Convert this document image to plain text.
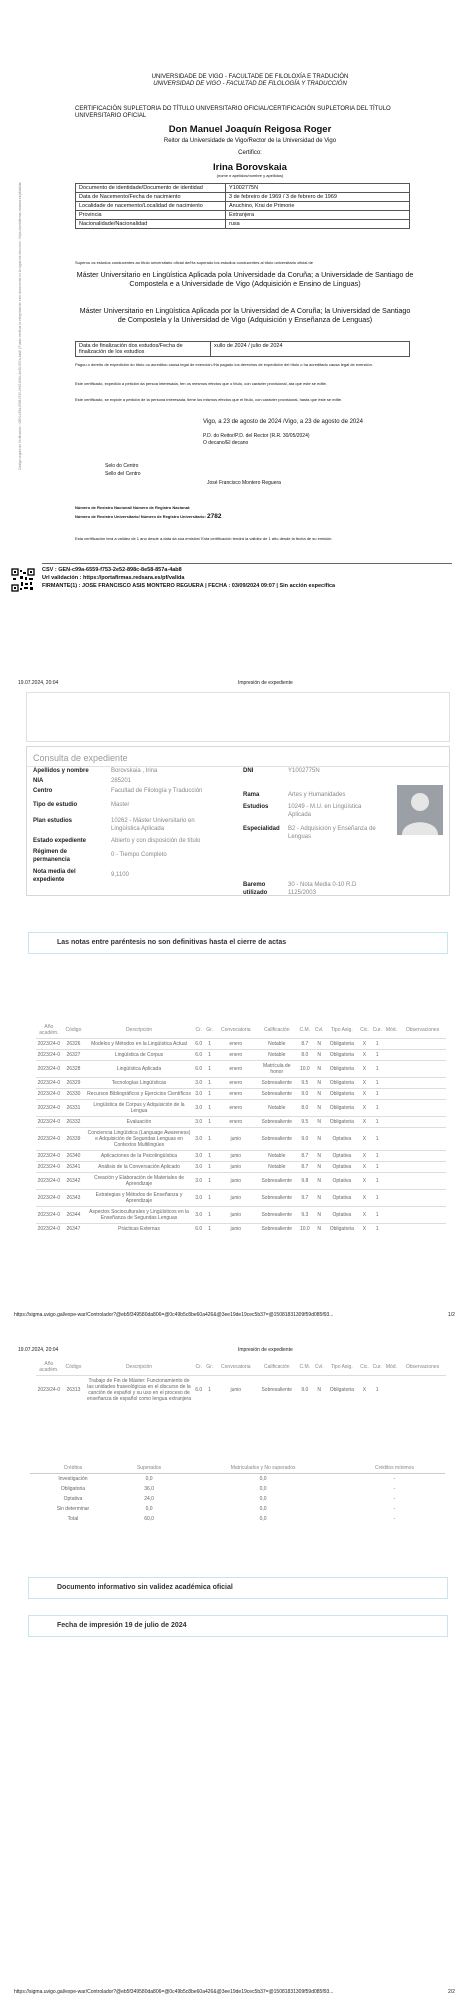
Código seguro de Verificación : GEN-c99a-6559-f753-2e52-898c-8e58-857a-4ab8 | Puede verificar la integridad de este documento en la siguiente dirección : https://portafirmas.redsara.es/pf/valida
UNIVERSIDADE DE VIGO - FACULTADE DE FILOLOXÍA E TRADUCIÓN
UNIVERSIDAD DE VIGO - FACULTAD DE FILOLOGÍA Y TRADUCCIÓN
CERTIFICACIÓN SUPLETORIA DO TÍTULO UNIVERSITARIO OFICIAL/CERTIFICACIÓN SUPLETORIA DEL TÍTULO UNIVERSITARIO OFICIAL
Don Manuel Joaquín Reigosa Roger
Reitor da Universidade de Vigo/Rector de la Universidad de Vigo
Certifico:
Irina Borovskaia
(nome e apelidos/nombre y apellidos)
Documento de identidade/Documento de identidad	Y1002775N
Data de Nacemento/Fecha de nacimiento	3 de febreiro de 1969 / 3 de febrero de 1969
Localidade de nacemento/Localidad de nacimiento	Anuchino, Krai de Primorie
Provincia	Extranjera
Nacionalidade/Nacionalidad	rusa
Superou os estudos conducentes ao título universitario oficial de/Ha superado los estudios conducentes al título universitario oficial de
Máster Universitario en Lingüística Aplicada pola Universidade da Coruña; a Universidade de Santiago de Compostela e a Universidade de Vigo (Adquisición e Ensino de Linguas)
Máster Universitario en Lingüística Aplicada por la Universidad de A Coruña; la Universidad de Santiago de Compostela y la Universidad de Vigo (Adquisición y Enseñanza de Lenguas)
Data de finalización dos estudos/Fecha de finalización de los estudios	xullo de 2024 / julio de 2024
Pagou o dereito de expedición do título ou acreditou causa legal de exención./Ha pagado los derechos de expedición del título o ha acreditado causa legal de exención.
Este certificado, expedido a petición da persoa interesada, ten os mesmos efectos que o título, con carácter provisional, ata que este se edite.
Este certificado, se expide a petición de la persona interesada, tiene los mismos efectos que el título, con carácter provisional, hasta que éste se edite.
Vigo, a 23 de agosto de 2024 /Vigo, a 23 de agosto de 2024
P.D. do Reitor/P.D. del Rector (R.R. 30/05/2024)
O decano/El decano
Selo do Centro
Sello del Centro
José Francisco Montero Reguera
Número de Rexistro Nacional/ Número de Registro Nacional:
Número de Rexistro Universitario/ Número de Registro Universitario: 2782
Esta certificación terá a validez de 1 ano desde a data da súa emisión/ Esta certificación tendrá la validez de 1 año desde la fecha de su emisión.
CSV : GEN-c99a-6559-f753-2e52-898c-8e58-857a-4ab8
Url validación : https://portafirmas.redsara.es/pf/valida
FIRMANTE(1) : JOSE FRANCISCO ASIS MONTERO REGUERA | FECHA : 03/09/2024 09:07 | Sin acción específica
19.07.2024, 20:04	Impresión de expediente
Consulta de expediente
Apellidos y nombre	Borovskaia , Irina
NIA	285201
Centro	Facultad de Filología y Traducción
Tipo de estudio	Master
Plan estudios	10262 - Máster Universitario en Lingüística Aplicada
Estado expediente	Abierto y con disposición de título
Régimen de permanencia
0 - Tiempo Completo
Nota media del expediente
9,1100
DNI	Y1002775N
Rama	Artes y Humanidades
Estudios	10249 - M.U. en Lingüística Aplicada
Especialidad	B2 - Adquisición y Enseñanza de Lenguas
Baremo utilizado
30 - Nota Media 0-10 R.D 1125/2003
Las notas entre paréntesis no son definitivas hasta el cierre de actas
Año académ.	Código	Descripción	Cr.	Gr.	Convocatoria	Calificación	C.M.	Cvl.	Tipo Asig.	Cic.	Cur.	Mód.	Observaciones
2023/24-0	26326	Modelos y Métodos en la Lingüística Actual	6.0	1	enero	Notable	8.7	N	Obligatoria	X	1		
2023/24-0	26327	Lingüística de Corpus	6.0	1	enero	Notable	8.0	N	Obligatoria	X	1		
2023/24-0	26328	Lingüística Aplicada	6.0	1	enero	Matrícula de honor	10.0	N	Obligatoria	X	1		
2023/24-0	26329	Tecnologías Lingüísticas	3.0	1	enero	Sobresaliente	9.5	N	Obligatoria	X	1		
2023/24-0	26330	Recursos Bibliográficos y Ejercicios Científicos	3.0	1	enero	Sobresaliente	9.0	N	Obligatoria	X	1		
2023/24-0	26331	Lingüística de Corpus y Adquisición de la Lengua	3.0	1	enero	Notable	8.0	N	Obligatoria	X	1		
2023/24-0	26332	Evaluación	3.0	1	enero	Sobresaliente	9.5	N	Obligatoria	X	1		
2023/24-0	26339	Conciencia Lingüística (Language Awareness) e Adquisición de Segundas Lenguas en Contextos Multilingües	3.0	1	junio	Sobresaliente	9.0	N	Optativa	X	1		
2023/24-0	26340	Aplicaciones de la Psicolingüística	3.0	1	junio	Notable	8.7	N	Optativa	X	1		
2023/24-0	26341	Análisis de la Conversación Aplicado	3.0	1	junio	Notable	8.7	N	Optativa	X	1		
2023/24-0	26342	Creación y Elaboración de Materiales de Aprendizaje	3.0	1	junio	Sobresaliente	9.8	N	Optativa	X	1		
2023/24-0	26343	Estrategias y Métodos de Enseñanza y Aprendizaje	3.0	1	junio	Sobresaliente	9.7	N	Optativa	X	1		
2023/24-0	26344	Aspectos Socioculturales y Lingüísticos en la Enseñanza de Segundas Lenguas	3.0	1	junio	Sobresaliente	9.3	N	Optativa	X	1		
2023/24-0	26347	Prácticas Externas	6.0	1	junio	Sobresaliente	10.0	N	Obligatoria	X	1		
https://sigma.uvigo.gal/expe-war/Controlador?@eb5f349580da806=@0c49b5c8be60a426&@3ee19de19cec5b37=@15081831309f59d085f93...	1/2
19.07.2024, 20:04	Impresión de expediente
Año académ.	Código	Descripción	Cr.	Gr.	Convocatoria	Calificación	C.M.	Cvl.	Tipo Asig.	Cic.	Cur.	Mód.	Observaciones
2023/24-0	26313	Trabajo de Fin de Máster: Funcionamiento de las unidades fraseológicas en el discurso de la canción de español y su uso en el proceso de enseñanza de español como lengua extranjera	6.0	1	junio	Sobresaliente	9.0	N	Obligatoria	X	1		
Créditos	Superados	Matriculados y No superados	Créditos mínimos
Investigación	0,0	0,0	-
Obligatoria	36,0	0,0	-
Optativa	24,0	0,0	-
Sin determinar	0,0	0,0	-
Total	60,0	0,0	-
Documento informativo sin validez académica oficial
Fecha de impresión 19 de julio de 2024
https://sigma.uvigo.gal/expe-war/Controlador?@eb5f349580da806=@0c49b5c8be60a426&@3ee19de19cec5b37=@15081831309f59d085f93...	2/2
